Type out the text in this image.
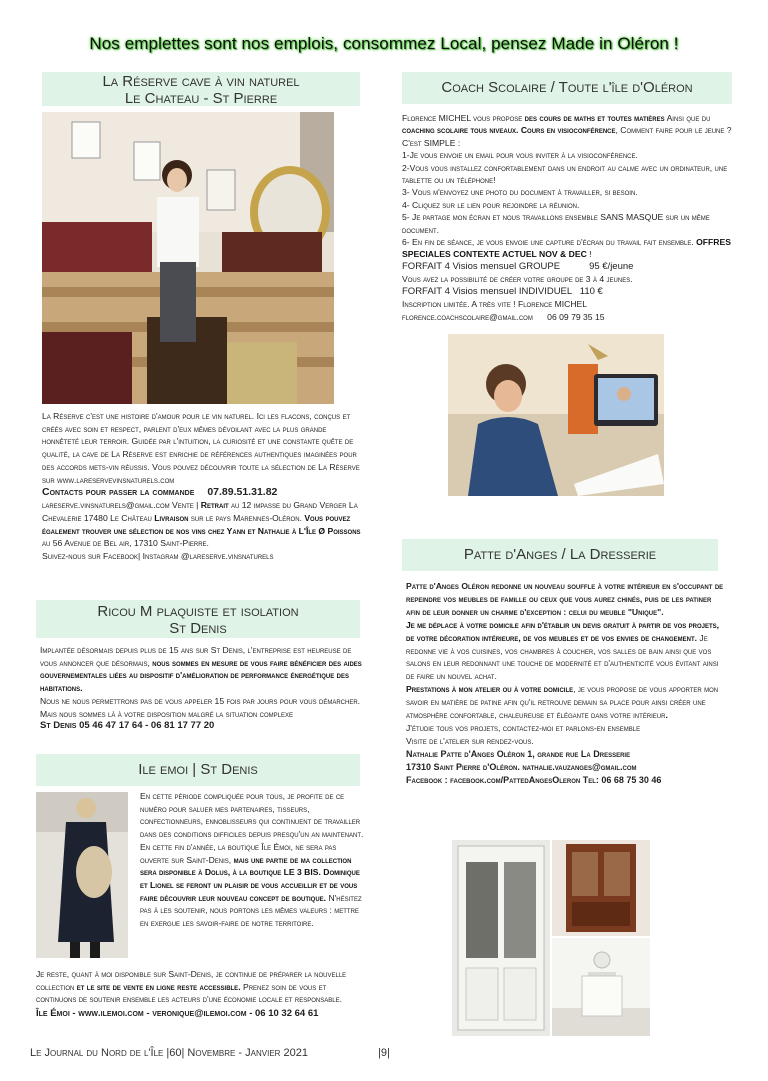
Nos emplettes sont nos emplois, consommez Local, pensez Made in Oléron !
La Réserve cave à vin naturel
Le Chateau - St Pierre

La Réserve c'est une histoire d'amour pour le vin naturel. Ici les flacons, conçus et créés avec soin et respect, parlent d'eux mêmes dévoilant avec la plus grande honnêteté leur terroir. Guidée par l'intuition, la curiosité et une constante quête de qualité, la cave de La Réserve est enrichie de références authentiques imaginées pour des accords mets-vin réussis. Vous pouvez découvrir toute la sélection de La Réserve sur www.lareservevinsnaturels.com

Contacts pour passer la commande 07.89.51.31.82

lareserve.vinsnaturels@gmail.com Vente | Retrait au 12 impasse du Grand Verger La Chevalerie 17480 Le Château Livraison sur le pays Marennes-Oléron. Vous pouvez également trouver une sélection de nos vins chez Yann et Nathalie à L'Île Ø Poissons au 56 Avenue de Bel air, 17310 Saint-Pierre.

Suivez-nous sur Facebook| Instagram @lareserve.vinsnaturels

Ricou M plaquiste et isolation
St Denis

Implantée désormais depuis plus de 15 ans sur St Denis, l'entreprise est heureuse de vous annoncer que désormais, nous sommes en mesure de vous faire bénéficier des aides gouvernementales liées au dispositif d'amélioration de performance énergétique des habitations.

Nous ne nous permettrons pas de vous appeler 15 fois par jours pour vous démarcher.

Mais nous sommes là à votre disposition malgré la situation complexe

St Denis 05 46 47 17 64 - 06 81 17 77 20

Ile emoi | St Denis

En cette période compliquée pour tous, je profite de ce numéro pour saluer mes partenaires, tisseurs, confectionneurs, ennoblisseurs qui continuent de travailler dans des conditions difficiles depuis presqu'un an maintenant. En cette fin d'année, la boutique Île Émoi, ne sera pas ouverte sur Saint-Denis, mais une partie de ma collection sera disponible à Dolus, à la boutique LE 3 BIS. Dominique et Lionel se feront un plaisir de vous accueillir et de vous faire découvrir leur nouveau concept de boutique. N'hésitez pas à les soutenir, nous portons les mêmes valeurs : mettre en exergue les savoir-faire de notre territoire.

Je reste, quant à moi disponible sur Saint-Denis, je continue de préparer la nouvelle collection et le site de vente en ligne reste accessible. Prenez soin de vous et continuons de soutenir ensemble les acteurs d'une économie locale et responsable.

Île Émoi - www.ilemoi.com - veronique@ilemoi.com - 06 10 32 64 61

Coach Scolaire / Toute l'île d'Oléron

Florence MICHEL vous propose des cours de maths et toutes matières Ainsi que du coaching scolaire tous niveaux. Cours en visioconférence, Comment faire pour le jeune ? C'est SIMPLE :

1-Je vous envoie un email pour vous inviter à la visioconférence.

2-Vous vous installez confortablement dans un endroit au calme avec un ordinateur, une tablette ou un téléphone!

3- Vous m'envoyez une photo du document à travailler, si besoin.

4- Cliquez sur le lien pour rejoindre la réunion.

5- Je partage mon écran et nous travaillons ensemble SANS MASQUE sur un même document.

6- En fin de séance, je vous envoie une capture d'écran du travail fait ensemble. OFFRES SPECIALES CONTEXTE ACTUEL NOV & DEC !

FORFAIT 4 Visios mensuel GROUPE           95 €/jeune

Vous avez la possibilité de créer votre groupe de 3 à 4 jeunes.

FORFAIT 4 Visios mensuel INDIVIDUEL   110 €

Inscription limitée. A très vite ! Florence MICHEL

florence.coachscolaire@gmail.com      06 09 79 35 15

Patte d'Anges / La Dresserie

Patte d'Anges Oléron redonne un nouveau souffle à votre intérieur en s'occupant de repeindre vos meubles de famille ou ceux que vous aurez chinés, puis de les patiner afin de leur donner un charme d'exception : celui du meuble "Unique".

Je me déplace à votre domicile afin d'établir un devis gratuit à partir de vos projets, de votre décoration intérieure, de vos meubles et de vos envies de changement. Je redonne vie à vos cuisines, vos chambres à coucher, vos salles de bain ainsi que vos salons en leur redonnant une touche de modernité et d'authenticité vous évitant ainsi de faire un nouvel achat.

Prestations à mon atelier ou à votre domicile, je vous propose de vous apporter mon savoir en matière de patine afin qu'il retrouve demain sa place pour ainsi créer une atmosphère confortable, chaleureuse et élégante dans votre intérieur.

J'étudie tous vos projets, contactez-moi et parlons-en ensemble

Visite de l'atelier sur rendez-vous.

Nathalie Patte d'Anges Oléron 1, grande rue La Dresserie

17310 Saint Pierre d'Oléron. nathalie.vauzanges@gmail.com

Facebook : facebook.com/PattedAngesOleron Tel: 06 68 75 30 46

Le Journal du Nord de l'Île |60| Novembre - Janvier 2021	|9|
